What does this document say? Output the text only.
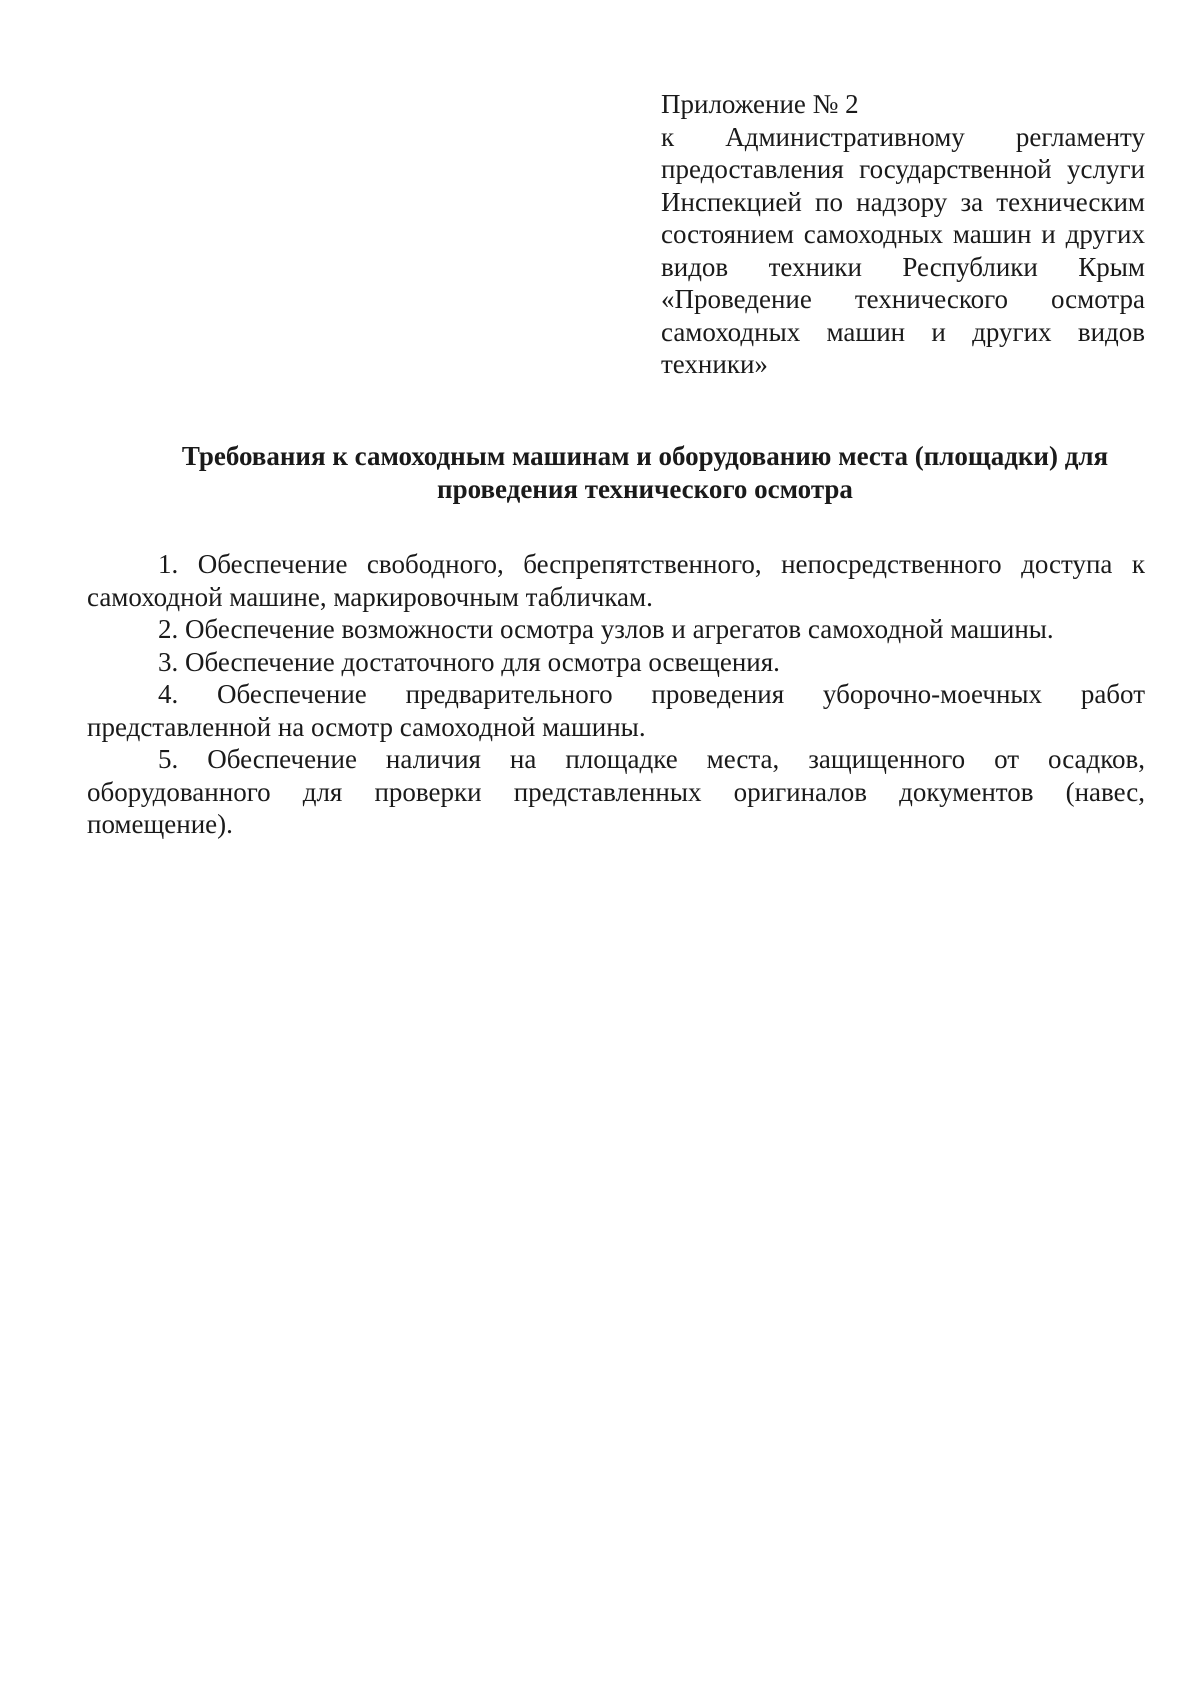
Приложение № 2
к Административному регламенту предоставления государственной услуги Инспекцией по надзору за техническим состоянием самоходных машин и других видов техники Республики Крым «Проведение технического осмотра самоходных машин и других видов техники»
Требования к самоходным машинам и оборудованию места (площадки) для
проведения технического осмотра

1. Обеспечение свободного, беспрепятственного, непосредственного доступа к самоходной машине, маркировочным табличкам.

2. Обеспечение возможности осмотра узлов и агрегатов самоходной машины.

3. Обеспечение достаточного для осмотра освещения.

4. Обеспечение предварительного проведения уборочно-моечных работ представленной на осмотр самоходной машины.

5. Обеспечение наличия на площадке места, защищенного от осадков, оборудованного для проверки представленных оригиналов документов (навес, помещение).
